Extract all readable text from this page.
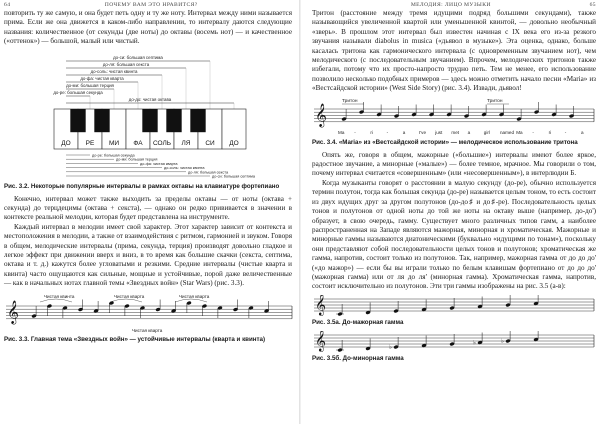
64	ПОЧЕМУ ВАМ ЭТО НРАВИТСЯ?

повторить ту же самую, и она будет петь одну и ту же ноту. Интервал между ними называется прима. Если же она движется в каком-либо направлении, то интервалу даются следующие названия: количественное (от секунды (две ноты) до октавы (восемь нот) — и качественное («оттенок») — большой, малый или чистый.

до-си: большая септима
до-ля: большая секста
до-соль: чистая квинта
до-фа: чистая кварта
до-ми: большая терция
до-ре: большая секунда
до-до: чистая октава
ДО РЕ МИ ФА СОЛЬ ЛЯ СИ ДО
до-ре: большая секунда
до-ми: большая терция
до-фа: чистая кварта
до-соль: чистая квинта
до-ля: большая секста
до-си: большая септима
Рис. 3.2. Некоторые популярные интервалы в рамках октавы на клавиатуре фортепиано

Конечно, интервал может также выходить за пределы октавы — от ноты (октава + секунда) до терцдецимы (октава + секста), — однако он редко прививается в значении в контексте реальной мелодии, которая будет представлена на инструменте.

Каждый интервал в мелодии имеет свой характер. Этот характер зависит от контекста и местоположения в мелодии, а также от взаимодействия с ритмом, гармонией и звуком. Говоря в общем, мелодические интервалы (прима, секунда, терция) производят довольно гладкое и легкое эффект при движении вверх и вниз, в то время как большие скачки (секста, септима, октава и т. д.) кажутся более угловатыми и резкими. Средние интервалы (чистые кварта и квинта) часто ощущаются как сильные, мощные и устойчивые, порой даже величественные — как в начальных нотах главной темы «Звездных войн» (Star Wars) (рис. 3.3).

𝄞
Чистая квинта	Чистая кварта	Чистая кварта
Чистая кварта
Рис. 3.3. Главная тема «Звездных войн» — устойчивые интервалы (кварта и квинта)
МЕЛОДИЯ: ЛИЦО МУЗЫКИ	65

Тритон (расстояние между тремя идущими подряд большими секундами), также называющийся увеличенной квартой или уменьшенной квинтой, — довольно необычный «зверь». В прошлом этот интервал был известен начиная с IX века его из-за резкого звучания называли diabolus in musica («дьявол в музыке»). Эта оценка, однако, больше касалась тритона как гармонического интервала (с одновременным звучанием нот), чем мелодического (с последовательным звучанием). Впрочем, мелодических тритонов также избегали, потому что их просто-напросто трудно петь. Тем не менее, его использование позволило несколько подобных примеров — здесь можно отметить начало песни «Maria» из «Вестсайдской истории» (West Side Story) (рис. 3.4). Извади, дьявол!

𝄞
Тритон	Тритон
Ma -	ri	-	a	I've just met a	girl named Ma -	ri	-	a
Рис. 3.4. «Maria» из «Вестсайдской истории» — мелодическое использование тритона

Опять же, говоря в общем, мажорные («большие») интервалы имеют более яркое, радостное звучание, а минорные («малые») — более темное, мрачное. Мы говорили о том, почему интервал считается «совершенным» (или «несовершенным»), в интерлюдии Б.

Когда музыканты говорят о расстоянии в малую секунду (до-ре), обычно используется термин полутон, тогда как большая секунда (до-ре) называется целым тоном, то есть состоит из двух идущих друг за другом полутонов (до-до♯ и до♯-ре). Последовательность целых тонов и полутонов от одной ноты до той же ноты на октаву выше (например, до-до') образует, в свою очередь, гамму. Существует много различных типов гамм, а наиболее распространенная на Западе являются мажорная, минорная и хроматическая. Мажорные и минорные гаммы называются диатоническими (буквально «идущими по тонам»), поскольку они представляют собой последовательности целых тонов и полутонов; хроматическая же гамма, напротив, состоит только из полутонов. Так, например, мажорная гамма от до до до' («до мажор») — если бы вы играли только по белым клавишам фортепиано от до до до' (мажорная гамма) или от ля до ля' (минорная гамма). Хроматическая гамма, напротив, состоит исключительно из полутонов. Эти три гаммы изображены на рис. 3.5 (а-в):

𝄞
Рис. 3.5а. До-мажорная гамма
𝄞	♭
♭	♭
Рис. 3.5б. До-минорная гамма
